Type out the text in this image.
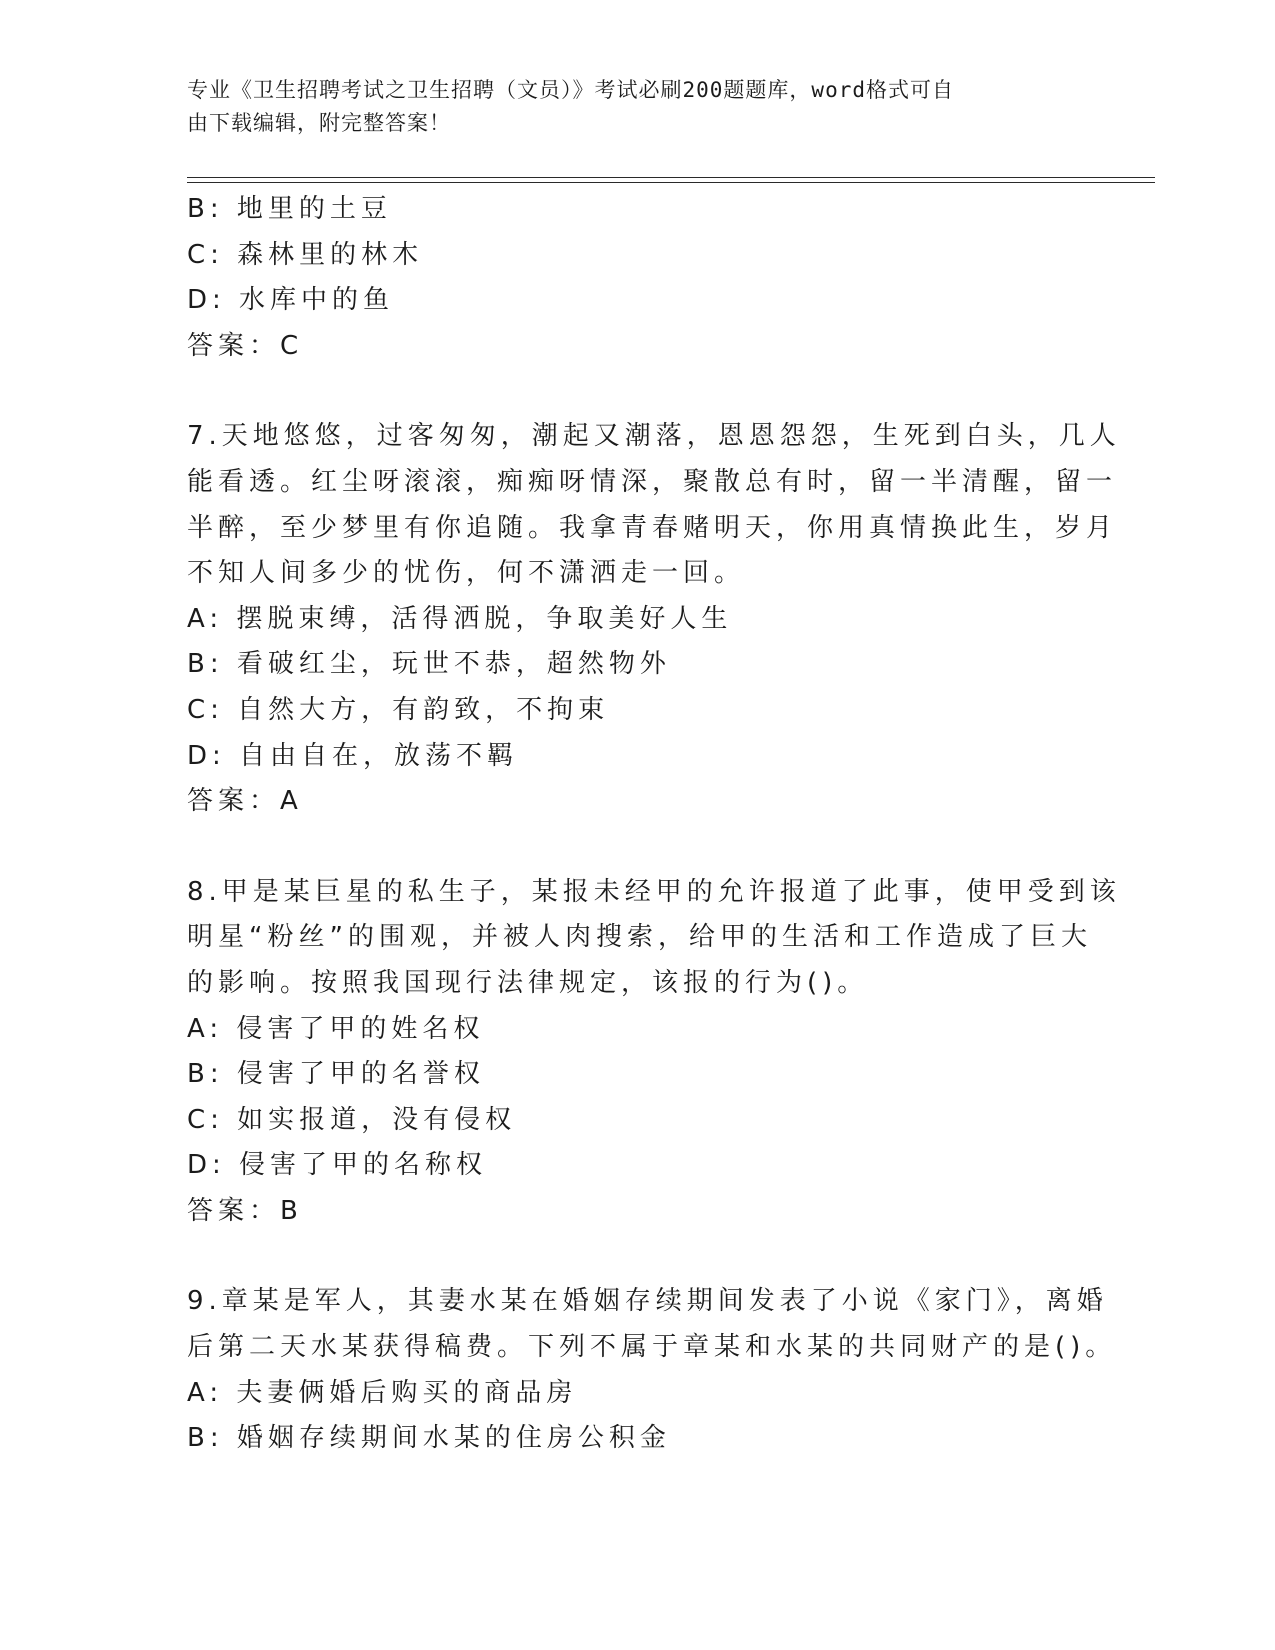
专业《卫生招聘考试之卫生招聘（文员）》考试必刷200题题库，word格式可自
由下载编辑，附完整答案！
B: 地里的土豆
C: 森林里的林木
D: 水库中的鱼
答案：C
7.天地悠悠，过客匆匆，潮起又潮落，恩恩怨怨，生死到白头，几人
能看透。红尘呀滚滚，痴痴呀情深，聚散总有时，留一半清醒，留一
半醉，至少梦里有你追随。我拿青春赌明天，你用真情换此生，岁月
不知人间多少的忧伤，何不潇洒走一回。
A: 摆脱束缚，活得洒脱，争取美好人生
B: 看破红尘，玩世不恭，超然物外
C: 自然大方，有韵致，不拘束
D: 自由自在，放荡不羁
答案：A
8.甲是某巨星的私生子，某报未经甲的允许报道了此事，使甲受到该
明星“粉丝”的围观，并被人肉搜索，给甲的生活和工作造成了巨大
的影响。按照我国现行法律规定，该报的行为()。
A: 侵害了甲的姓名权
B: 侵害了甲的名誉权
C: 如实报道，没有侵权
D: 侵害了甲的名称权
答案：B
9.章某是军人，其妻水某在婚姻存续期间发表了小说《家门》，离婚
后第二天水某获得稿费。下列不属于章某和水某的共同财产的是()。
A: 夫妻俩婚后购买的商品房
B: 婚姻存续期间水某的住房公积金
